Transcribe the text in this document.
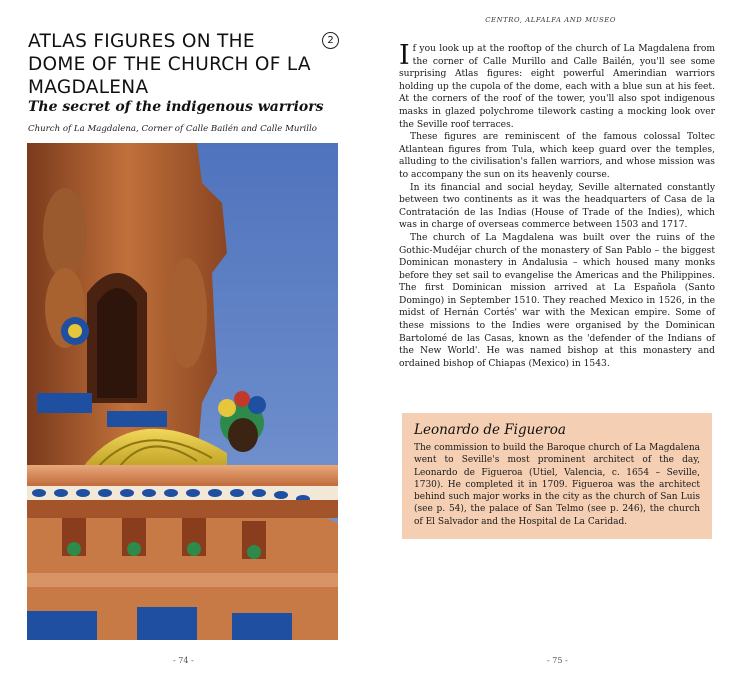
ATLAS FIGURES ON THE DOME OF THE CHURCH OF LA MAGDALENA
2
The secret of the indigenous warriors

Church of La Magdalena, Corner of Calle Bailén and Calle Murillo

- 74 -
CENTRO, ALFALFA AND MUSEO

If you look up at the rooftop of the church of La Magdalena from the corner of Calle Murillo and Calle Bailén, you'll see some surprising Atlas figures: eight powerful Amerindian warriors holding up the cupola of the dome, each with a blue sun at his feet. At the corners of the roof of the tower, you'll also spot indigenous masks in glazed polychrome tilework casting a mocking look over the Seville roof terraces.

These figures are reminiscent of the famous colossal Toltec Atlantean figures from Tula, which keep guard over the temples, alluding to the civilisation's fallen warriors, and whose mission was to accompany the sun on its heavenly course.

In its financial and social heyday, Seville alternated constantly between two continents as it was the headquarters of Casa de la Contratación de las Indias (House of Trade of the Indies), which was in charge of overseas commerce between 1503 and 1717.

The church of La Magdalena was built over the ruins of the Gothic-Mudéjar church of the monastery of San Pablo – the biggest Dominican monastery in Andalusia – which housed many monks before they set sail to evangelise the Americas and the Philippines. The first Dominican mission arrived at La Española (Santo Domingo) in September 1510. They reached Mexico in 1526, in the midst of Hernán Cortés' war with the Mexican empire. Some of these missions to the Indies were organised by the Dominican Bartolomé de las Casas, known as the 'defender of the Indians of the New World'. He was named bishop at this monastery and ordained bishop of Chiapas (Mexico) in 1543.

Leonardo de Figueroa

The commission to build the Baroque church of La Magdalena went to Seville's most prominent architect of the day, Leonardo de Figueroa (Utiel, Valencia, c. 1654 – Seville, 1730). He completed it in 1709. Figueroa was the architect behind such major works in the city as the church of San Luis (see p. 54), the palace of San Telmo (see p. 246), the church of El Salvador and the Hospital de La Caridad.

- 75 -
